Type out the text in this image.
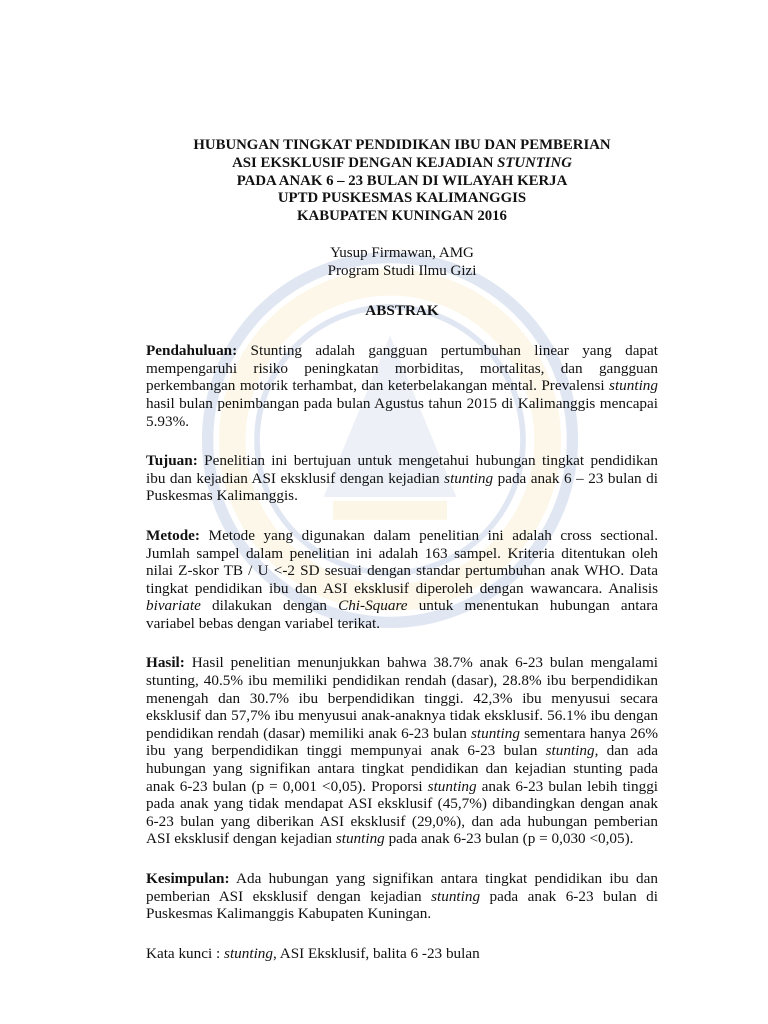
HUBUNGAN TINGKAT PENDIDIKAN IBU DAN PEMBERIAN
ASI EKSKLUSIF DENGAN KEJADIAN STUNTING
PADA ANAK 6 – 23 BULAN DI WILAYAH KERJA
UPTD PUSKESMAS KALIMANGGIS
KABUPATEN KUNINGAN 2016
Yusup Firmawan, AMG
Program Studi Ilmu Gizi
ABSTRAK

Pendahuluan: Stunting adalah gangguan pertumbuhan linear yang dapat mempengaruhi risiko peningkatan morbiditas, mortalitas, dan gangguan perkembangan motorik terhambat, dan keterbelakangan mental. Prevalensi stunting hasil bulan penimbangan pada bulan Agustus tahun 2015 di Kalimanggis mencapai 5.93%.

Tujuan: Penelitian ini bertujuan untuk mengetahui hubungan tingkat pendidikan ibu dan kejadian ASI eksklusif dengan kejadian stunting pada anak 6 – 23 bulan di Puskesmas Kalimanggis.

Metode: Metode yang digunakan dalam penelitian ini adalah cross sectional. Jumlah sampel dalam penelitian ini adalah 163 sampel. Kriteria ditentukan oleh nilai Z-skor TB / U <-2 SD sesuai dengan standar pertumbuhan anak WHO. Data tingkat pendidikan ibu dan ASI eksklusif diperoleh dengan wawancara. Analisis bivariate dilakukan dengan Chi-Square untuk menentukan hubungan antara variabel bebas dengan variabel terikat.

Hasil: Hasil penelitian menunjukkan bahwa 38.7% anak 6-23 bulan mengalami stunting, 40.5% ibu memiliki pendidikan rendah (dasar), 28.8% ibu berpendidikan menengah dan 30.7% ibu berpendidikan tinggi. 42,3% ibu menyusui secara eksklusif dan 57,7% ibu menyusui anak-anaknya tidak eksklusif. 56.1% ibu dengan pendidikan rendah (dasar) memiliki anak 6-23 bulan stunting sementara hanya 26% ibu yang berpendidikan tinggi mempunyai anak 6-23 bulan stunting, dan ada hubungan yang signifikan antara tingkat pendidikan dan kejadian stunting pada anak 6-23 bulan (p = 0,001 <0,05). Proporsi stunting anak 6-23 bulan lebih tinggi pada anak yang tidak mendapat ASI eksklusif (45,7%) dibandingkan dengan anak 6-23 bulan yang diberikan ASI eksklusif (29,0%), dan ada hubungan pemberian ASI eksklusif dengan kejadian stunting pada anak 6-23 bulan (p = 0,030 <0,05).

Kesimpulan: Ada hubungan yang signifikan antara tingkat pendidikan ibu dan pemberian ASI eksklusif dengan kejadian stunting pada anak 6-23 bulan di Puskesmas Kalimanggis Kabupaten Kuningan.

Kata kunci : stunting, ASI Eksklusif, balita 6 -23 bulan
